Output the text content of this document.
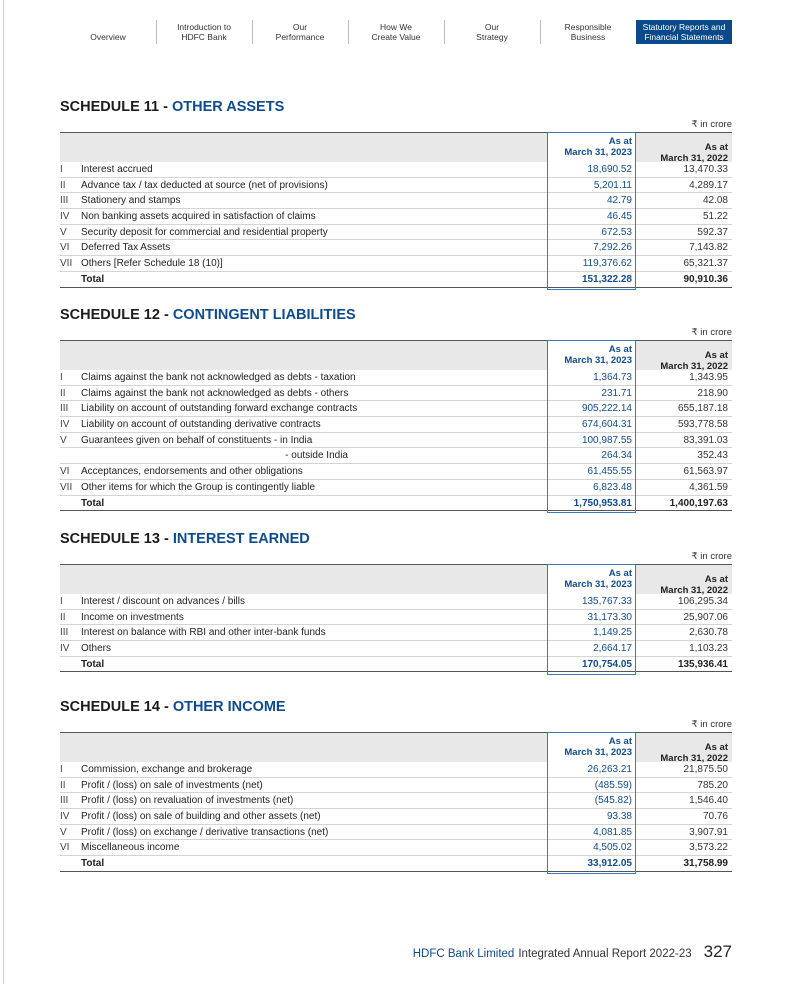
Overview
Introduction to
HDFC Bank
Our
Performance
How We
Create Value
Our
Strategy
Responsible
Business
Statutory Reports and
Financial Statements
SCHEDULE 11 - OTHER ASSETS
₹ in crore
As at
March 31, 2023	As at
March 31, 2022
I	Interest accrued	18,690.52	13,470.33
II	Advance tax / tax deducted at source (net of provisions)	5,201.11	4,289.17
III	Stationery and stamps	42.79	42.08
IV	Non banking assets acquired in satisfaction of claims	46.45	51.22
V	Security deposit for commercial and residential property	672.53	592.37
VI	Deferred Tax Assets	7,292.26	7,143.82
VII Others [Refer Schedule 18 (10)]	119,376.62	65,321.37
Total	151,322.28	90,910.36
SCHEDULE 12 - CONTINGENT LIABILITIES
₹ in crore
As at
March 31, 2023	As at
March 31, 2022
I	Claims against the bank not acknowledged as debts - taxation	1,364.73	1,343.95
II	Claims against the bank not acknowledged as debts - others	231.71	218.90
III	Liability on account of outstanding forward exchange contracts	905,222.14	655,187.18
IV	Liability on account of outstanding derivative contracts	674,604.31	593,778.58
V	Guarantees given on behalf of constituents - in India	100,987.55	83,391.03
- outside India	264.34	352.43
VI	Acceptances, endorsements and other obligations	61,455.55	61,563.97
VII Other items for which the Group is contingently liable	6,823.48	4,361.59
Total	1,750,953.81	1,400,197.63
SCHEDULE 13 - INTEREST EARNED
₹ in crore
As at
March 31, 2023	As at
March 31, 2022
I	Interest / discount on advances / bills	135,767.33	106,295.34
II	Income on investments	31,173.30	25,907.06
III	Interest on balance with RBI and other inter-bank funds	1,149.25	2,630.78
IV	Others	2,664.17	1,103.23
Total	170,754.05	135,936.41
SCHEDULE 14 - OTHER INCOME
₹ in crore
As at
March 31, 2023	As at
March 31, 2022
I	Commission, exchange and brokerage	26,263.21	21,875.50
II	Profit / (loss) on sale of investments (net)	(485.59)	785.20
III	Profit / (loss) on revaluation of investments (net)	(545.82)	1,546.40
IV	Profit / (loss) on sale of building and other assets (net)	93.38	70.76
V	Profit / (loss) on exchange / derivative transactions (net)	4,081.85	3,907.91
VI	Miscellaneous income	4,505.02	3,573.22
Total	33,912.05	31,758.99
HDFC Bank Limited Integrated Annual Report 2022-23 327
